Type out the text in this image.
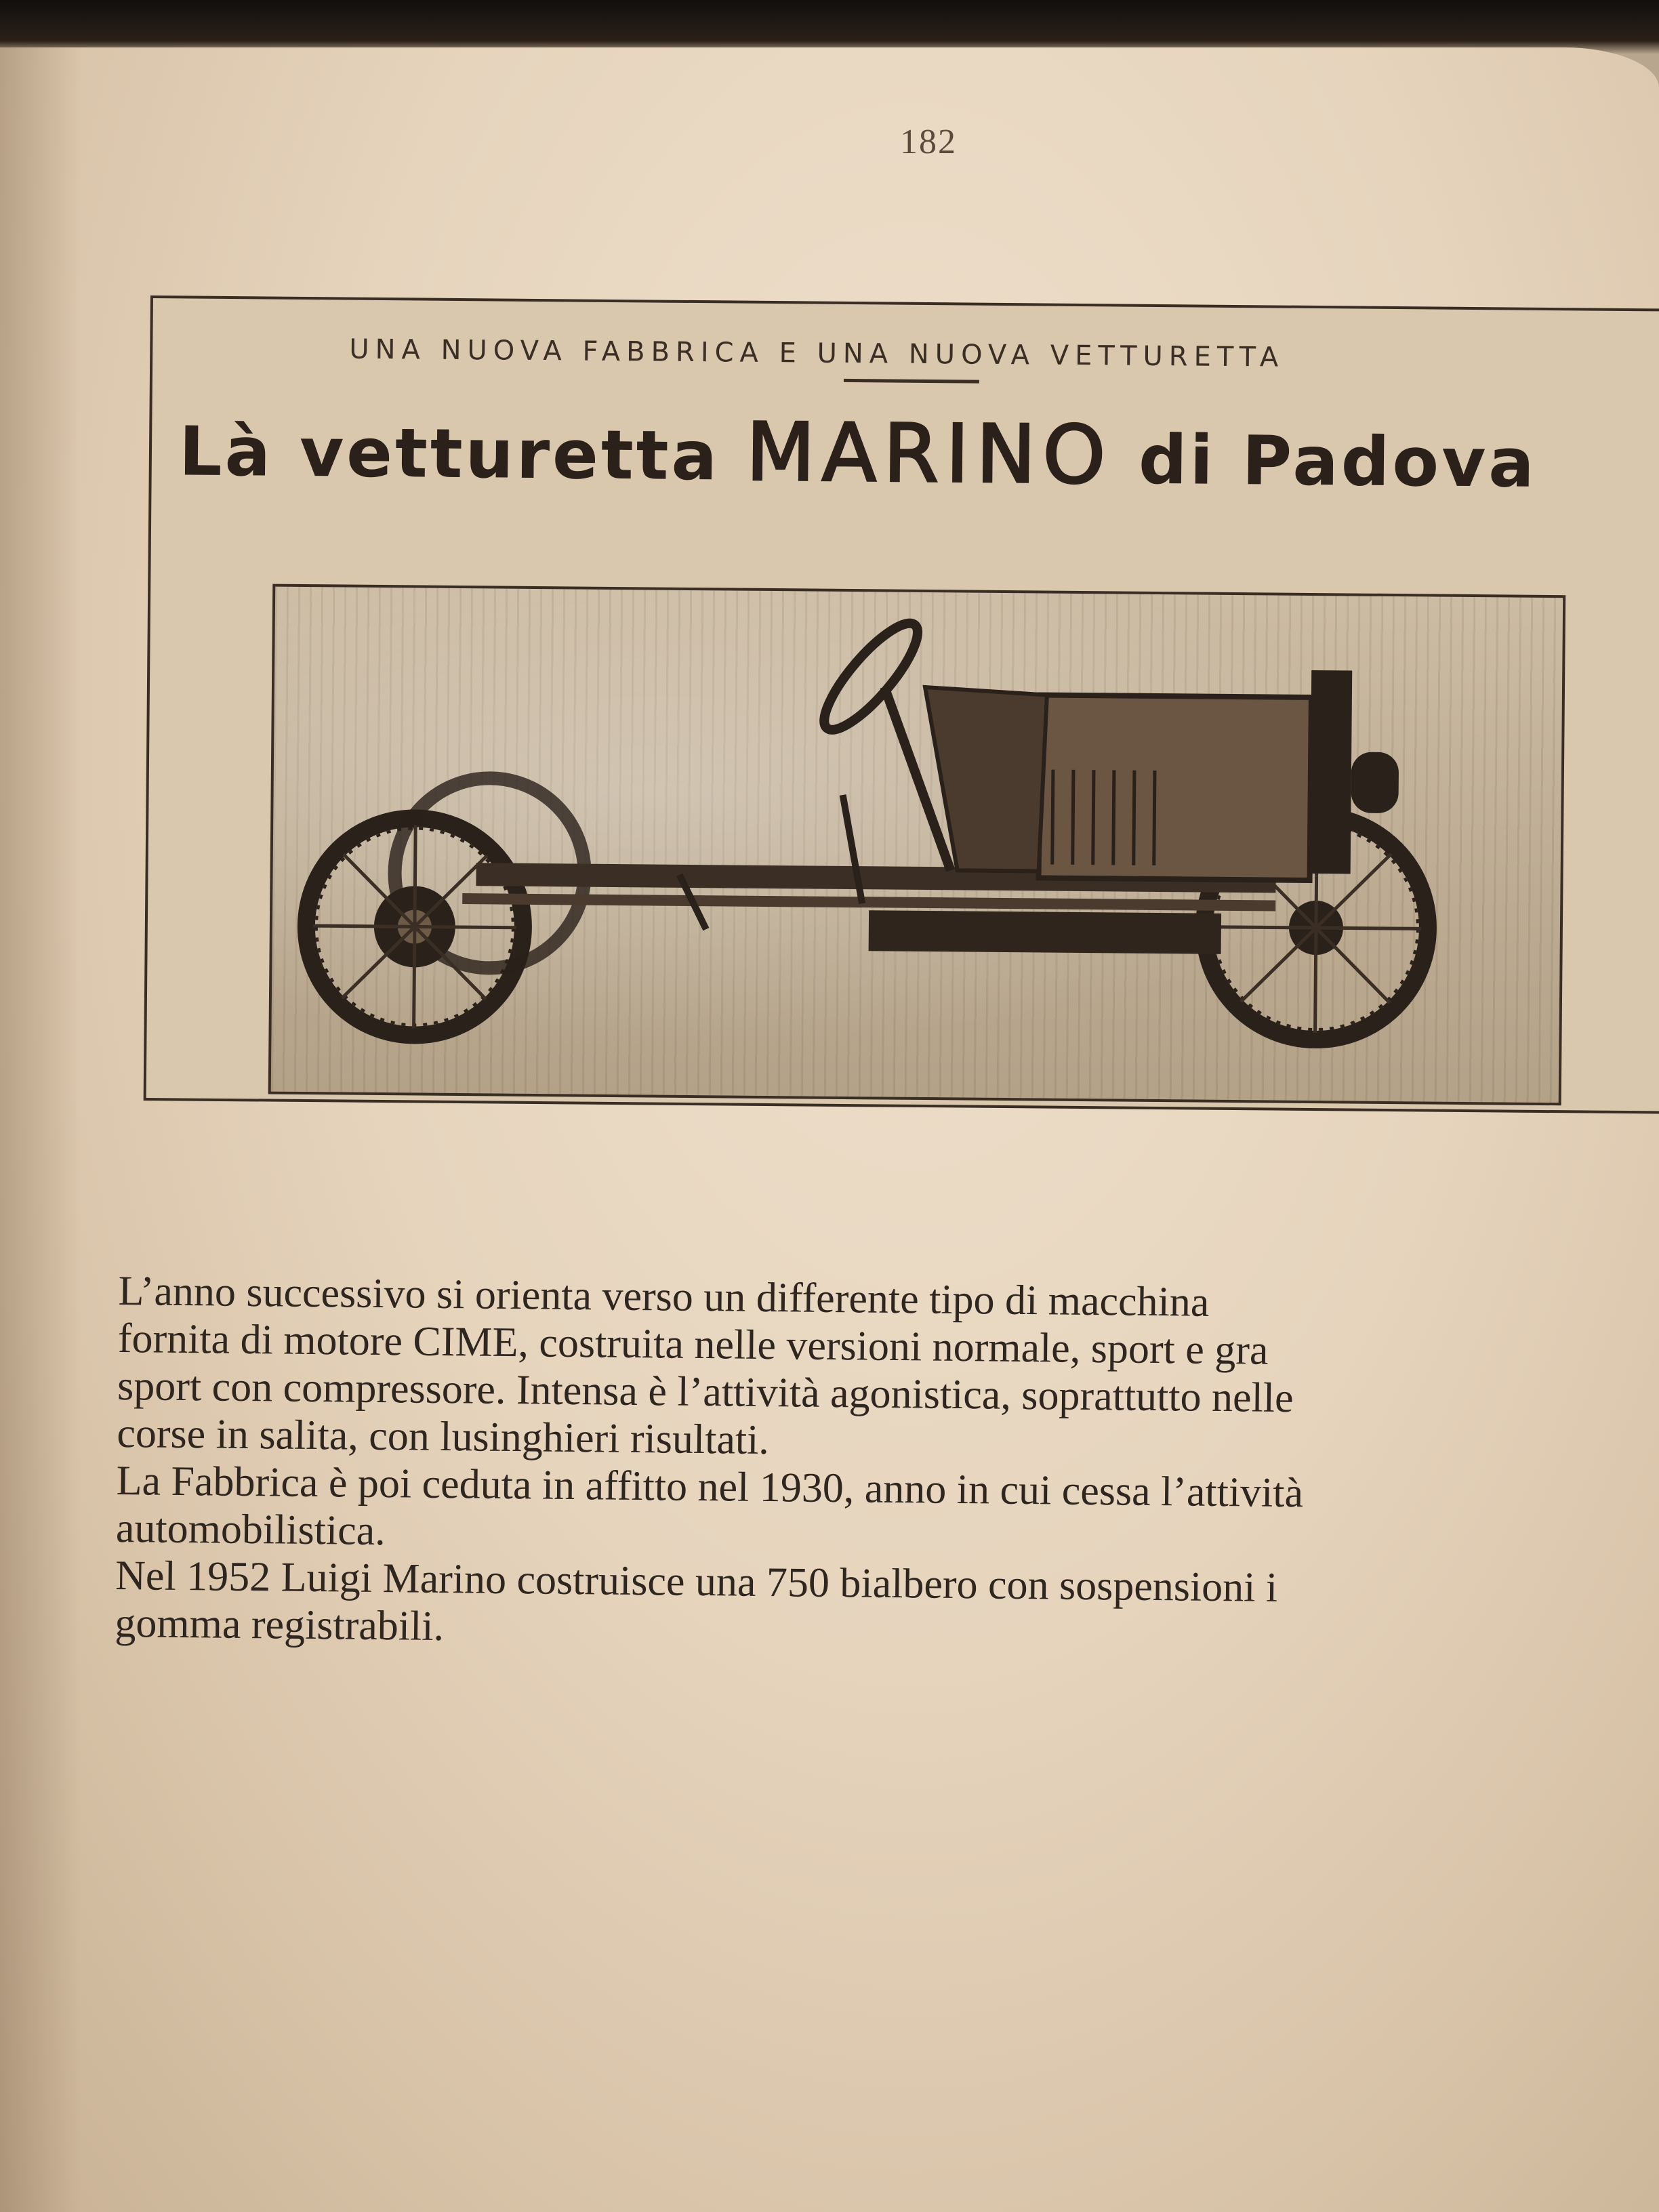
182
UNA NUOVA FABBRICA E UNA NUOVA VETTURETTA
Là vetturetta MARINO di Padova

L’anno successivo si orienta verso un differente tipo di macchina

fornita di motore CIME, costruita nelle versioni normale, sport e gra

sport con compressore. Intensa è l’attività agonistica, soprattutto nelle

corse in salita, con lusinghieri risultati.

La Fabbrica è poi ceduta in affitto nel 1930, anno in cui cessa l’attività

automobilistica.

Nel 1952 Luigi Marino costruisce una 750 bialbero con sospensioni i

gomma registrabili.
